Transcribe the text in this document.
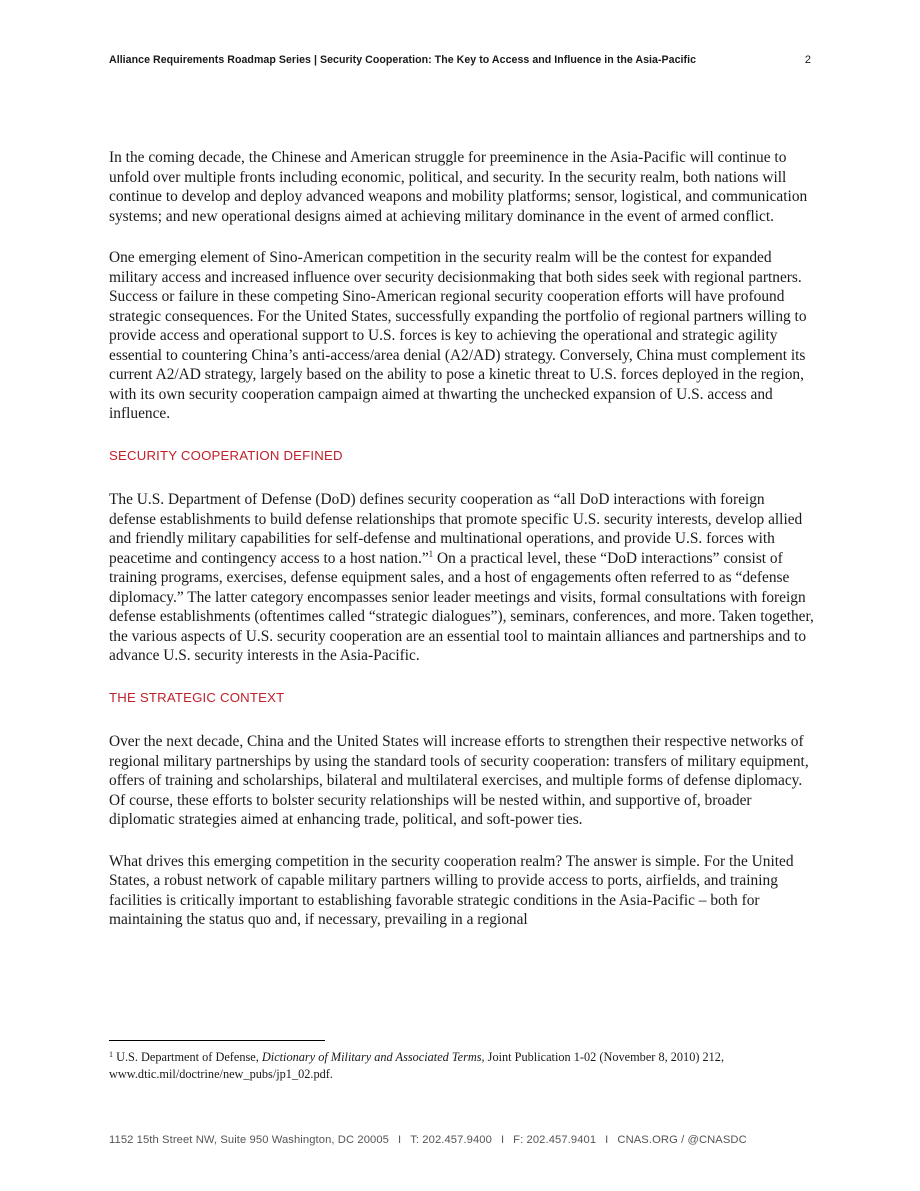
Alliance Requirements Roadmap Series | Security Cooperation: The Key to Access and Influence in the Asia-Pacific	2

In the coming decade, the Chinese and American struggle for preeminence in the Asia-Pacific will continue to unfold over multiple fronts including economic, political, and security. In the security realm, both nations will continue to develop and deploy advanced weapons and mobility platforms; sensor, logistical, and communication systems; and new operational designs aimed at achieving military dominance in the event of armed conflict.

One emerging element of Sino-American competition in the security realm will be the contest for expanded military access and increased influence over security decisionmaking that both sides seek with regional partners. Success or failure in these competing Sino-American regional security cooperation efforts will have profound strategic consequences. For the United States, successfully expanding the portfolio of regional partners willing to provide access and operational support to U.S. forces is key to achieving the operational and strategic agility essential to countering China’s anti-access/area denial (A2/AD) strategy. Conversely, China must complement its current A2/AD strategy, largely based on the ability to pose a kinetic threat to U.S. forces deployed in the region, with its own security cooperation campaign aimed at thwarting the unchecked expansion of U.S. access and influence.

SECURITY COOPERATION DEFINED

The U.S. Department of Defense (DoD) defines security cooperation as “all DoD interactions with foreign defense establishments to build defense relationships that promote specific U.S. security interests, develop allied and friendly military capabilities for self-defense and multinational operations, and provide U.S. forces with peacetime and contingency access to a host nation.”$^1$ On a practical level, these “DoD interactions” consist of training programs, exercises, defense equipment sales, and a host of engagements often referred to as “defense diplomacy.” The latter category encompasses senior leader meetings and visits, formal consultations with foreign defense establishments (oftentimes called “strategic dialogues”), seminars, conferences, and more. Taken together, the various aspects of U.S. security cooperation are an essential tool to maintain alliances and partnerships and to advance U.S. security interests in the Asia-Pacific.

THE STRATEGIC CONTEXT

Over the next decade, China and the United States will increase efforts to strengthen their respective networks of regional military partnerships by using the standard tools of security cooperation: transfers of military equipment, offers of training and scholarships, bilateral and multilateral exercises, and multiple forms of defense diplomacy. Of course, these efforts to bolster security relationships will be nested within, and supportive of, broader diplomatic strategies aimed at enhancing trade, political, and soft-power ties.

What drives this emerging competition in the security cooperation realm? The answer is simple. For the United States, a robust network of capable military partners willing to provide access to ports, airfields, and training facilities is critically important to establishing favorable strategic conditions in the Asia-Pacific – both for maintaining the status quo and, if necessary, prevailing in a regional

$^1$ U.S. Department of Defense, Dictionary of Military and Associated Terms, Joint Publication 1-02 (November 8, 2010) 212, www.dtic.mil/doctrine/new_pubs/jp1_02.pdf.
1152 15th Street NW, Suite 950 Washington, DC 20005 I T: 202.457.9400 I F: 202.457.9401 I CNAS.ORG / @CNASDC
